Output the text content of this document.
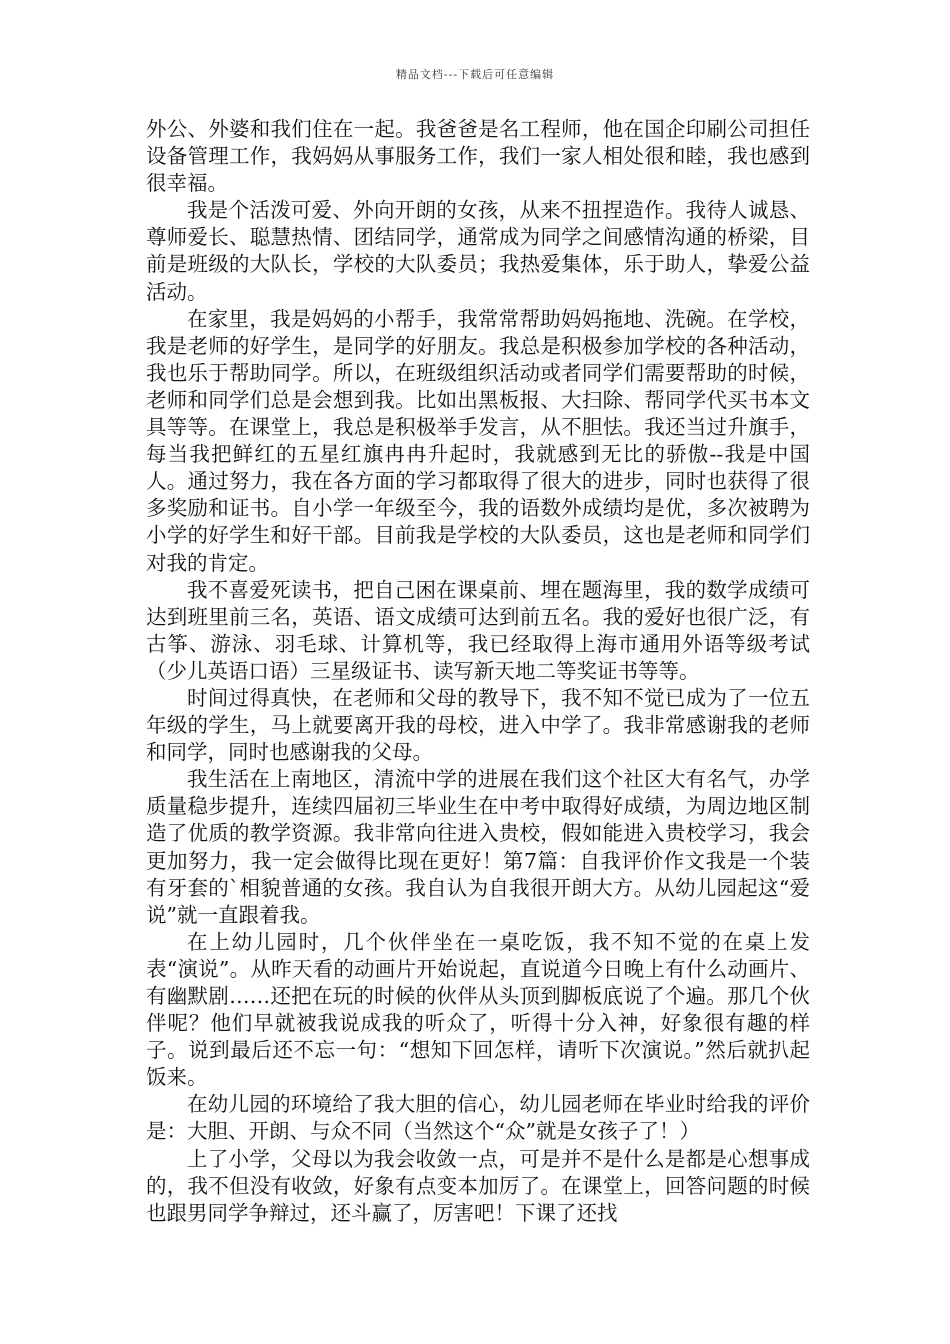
精品文档---下载后可任意编辑

外公、外婆和我们住在一起。我爸爸是名工程师，他在国企印刷公司担任设备管理工作，我妈妈从事服务工作，我们一家人相处很和睦，我也感到很幸福。

我是个活泼可爱、外向开朗的女孩，从来不扭捏造作。我待人诚恳、尊师爱长、聪慧热情、团结同学，通常成为同学之间感情沟通的桥梁，目前是班级的大队长，学校的大队委员；我热爱集体，乐于助人，挚爱公益活动。

在家里，我是妈妈的小帮手，我常常帮助妈妈拖地、洗碗。在学校，我是老师的好学生，是同学的好朋友。我总是积极参加学校的各种活动，我也乐于帮助同学。所以，在班级组织活动或者同学们需要帮助的时候，老师和同学们总是会想到我。比如出黑板报、大扫除、帮同学代买书本文具等等。在课堂上，我总是积极举手发言，从不胆怯。我还当过升旗手，每当我把鲜红的五星红旗冉冉升起时，我就感到无比的骄傲--我是中国人。通过努力，我在各方面的学习都取得了很大的进步，同时也获得了很多奖励和证书。自小学一年级至今，我的语数外成绩均是优，多次被聘为小学的好学生和好干部。目前我是学校的大队委员，这也是老师和同学们对我的肯定。

我不喜爱死读书，把自己困在课桌前、埋在题海里，我的数学成绩可达到班里前三名，英语、语文成绩可达到前五名。我的爱好也很广泛，有古筝、游泳、羽毛球、计算机等，我已经取得上海市通用外语等级考试（少儿英语口语）三星级证书、读写新天地二等奖证书等等。

时间过得真快，在老师和父母的教导下，我不知不觉已成为了一位五年级的学生，马上就要离开我的母校，进入中学了。我非常感谢我的老师和同学，同时也感谢我的父母。

我生活在上南地区，清流中学的进展在我们这个社区大有名气，办学质量稳步提升，连续四届初三毕业生在中考中取得好成绩，为周边地区制造了优质的教学资源。我非常向往进入贵校，假如能进入贵校学习，我会更加努力，我一定会做得比现在更好！第7篇：自我评价作文我是一个装有牙套的`相貌普通的女孩。我自认为自我很开朗大方。从幼儿园起这“爱说”就一直跟着我。

在上幼儿园时，几个伙伴坐在一桌吃饭，我不知不觉的在桌上发表“演说”。从昨天看的动画片开始说起，直说道今日晚上有什么动画片、有幽默剧……还把在玩的时候的伙伴从头顶到脚板底说了个遍。那几个伙伴呢？他们早就被我说成我的听众了，听得十分入神，好象很有趣的样子。说到最后还不忘一句：“想知下回怎样，请听下次演说。”然后就扒起饭来。

在幼儿园的环境给了我大胆的信心，幼儿园老师在毕业时给我的评价是：大胆、开朗、与众不同（当然这个“众”就是女孩子了！）

上了小学，父母以为我会收敛一点，可是并不是什么是都是心想事成的，我不但没有收敛，好象有点变本加厉了。在课堂上，回答问题的时候也跟男同学争辩过，还斗赢了，厉害吧！下课了还找
